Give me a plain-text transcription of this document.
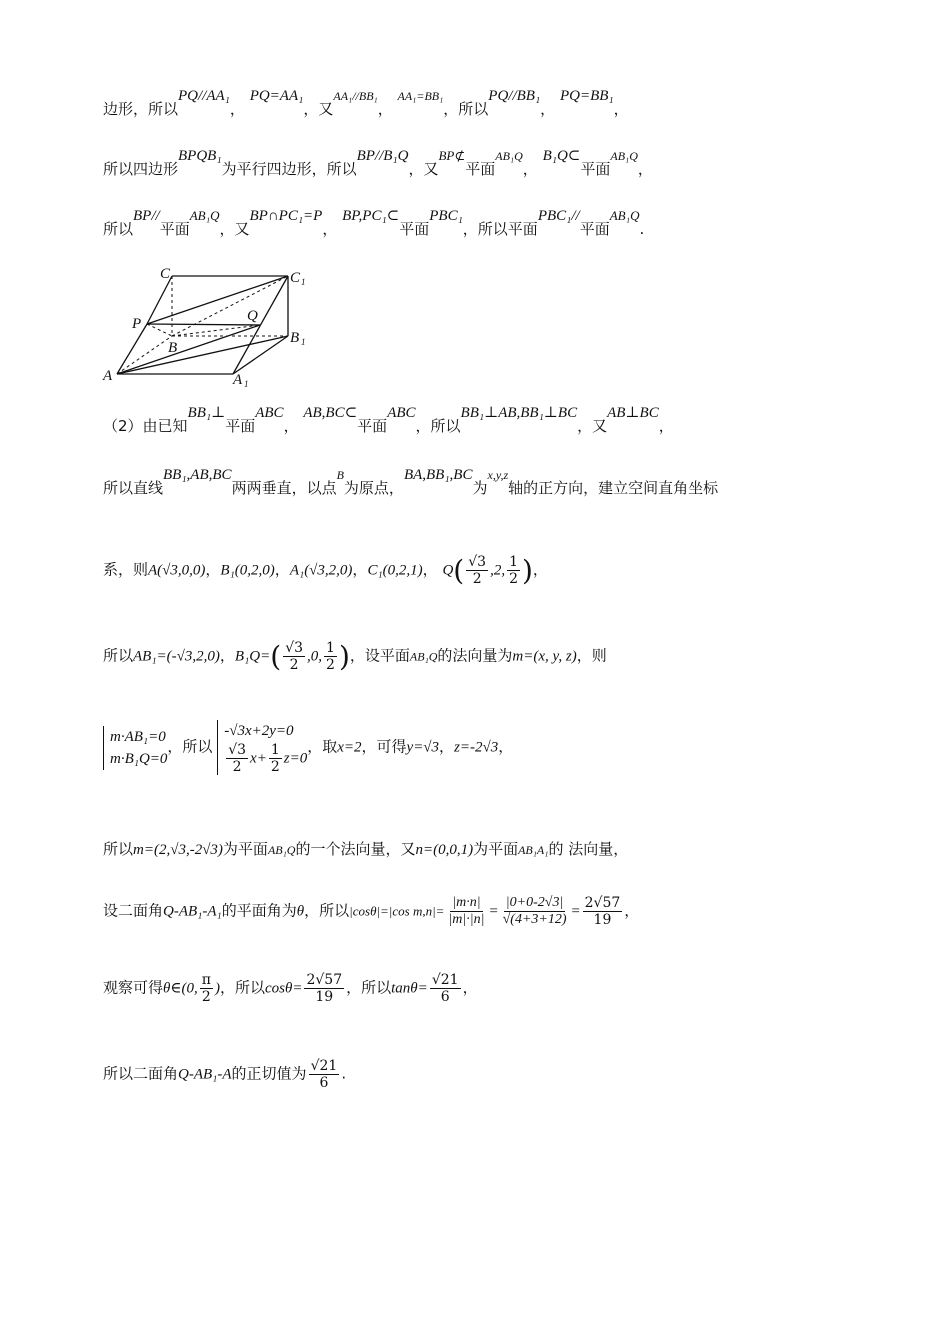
边形，所以PQ//AA₁， PQ=AA₁，又$^{AA_1//BB_1}$， $^{AA_1=BB_1}$，所以PQ//BB₁， PQ=BB₁，
所以四边形BPQB₁为平行四边形，所以BP//B₁Q，又BP⊄平面$^{AB_1Q}$， B₁Q⊂平面$^{AB_1Q}$，
所以BP//平面AB₁Q，又BP∩PC₁=P， BP,PC₁⊂平面PBC₁，所以平面PBC₁//平面AB₁Q.
C	C 1
P	Q
B
B 1
A	A 1
（2）由已知BB₁⊥平面ABC， AB,BC⊂平面ABC，所以BB₁⊥AB,BB₁⊥BC，又AB⊥BC，
所以直线BB₁,AB,BC两两垂直，以点$^B$为原点，BA,BB₁,BC为$^{x,y,z}$轴的正方向，建立空间直角坐标
系，则A(√3,0,0)，B₁(0,2,0)，A₁(√3,2,0)，C₁(0,2,1)， $Q( \frac{√3}{2} ,2$, $\frac{1}{2}$ )，
所以AB₁=(-√3,2,0)，$B_1Q=( \frac{√3}{2} ,0$, $\frac{1}{2}$ )，设平面AB₁Q的法向量为m=(x, y, z)，则
m·AB₁=0
m·B₁Q=0
，所以
-√3x+2y=0
$\frac{√3}{2} x+ \frac{1}{2} z=0$
，取x=2，可得y=√3，z=-2√3，
所以m=(2,√3,-2√3)为平面AB₁Q的一个法向量，又n=(0,0,1)为平面AB₁A₁的 法向量，
设二面角Q-AB₁-A₁的平面角为θ，所以|cosθ|=|cos $m,n|= \frac{|m\cdot n|}{|m|\cdot|n|} = \frac{|0+0-2√3|}{√(4+3+12)} = \frac{2√57}{19}$ ，
观察可得θ∈(0, $\frac{\pi}{2}$ )，所以$\cos\theta= \frac{2√57}{19}$ ，所以$\tan\theta= \frac{√21}{6}$ ，
所以二面角Q-AB₁-A的正切值为 $\frac{√21}{6}$ .
